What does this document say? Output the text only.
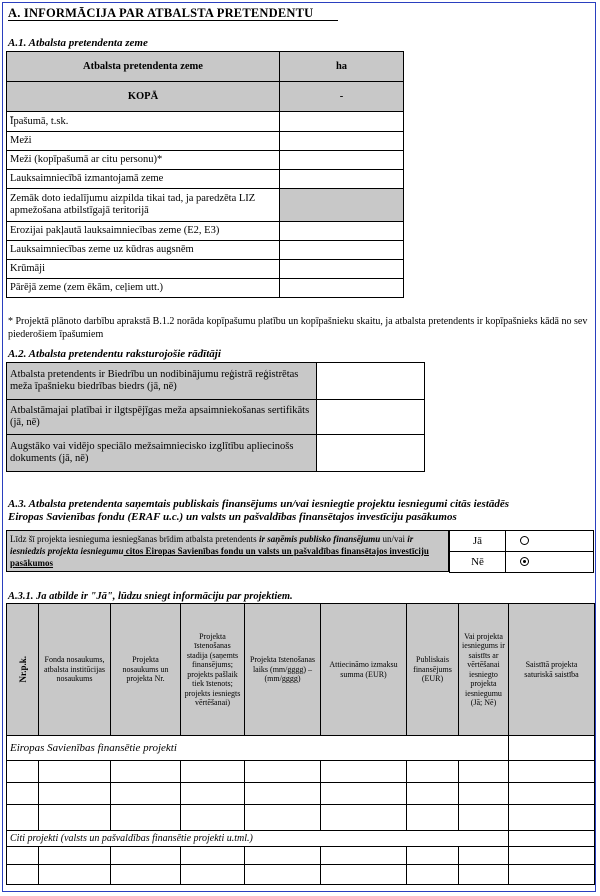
A. INFORMĀCIJA PAR ATBALSTA PRETENDENTU
A.1. Atbalsta pretendenta zeme
Atbalsta pretendenta zeme	ha
KOPĀ	-
Īpašumā, t.sk.	
Meži	
Meži (kopīpašumā ar citu personu)*	
Lauksaimniecībā izmantojamā zeme	
Zemāk doto iedalījumu aizpilda tikai tad, ja paredzēta LIZ apmežošana atbilstīgajā teritorijā	
Erozijai pakļautā lauksaimniecības zeme (E2, E3)	
Lauksaimniecības zeme uz kūdras augsnēm	
Krūmāji	
Pārējā zeme (zem ēkām, ceļiem utt.)	
* Projektā plānoto darbību aprakstā B.1.2 norāda kopīpašumu platību un kopīpašnieku skaitu, ja atbalsta pretendents ir kopīpašnieks kādā no sev piederošiem īpašumiem
A.2. Atbalsta pretendentu raksturojošie rādītāji
Atbalsta pretendents ir Biedrību un nodibinājumu reģistrā reģistrētas meža īpašnieku biedrības biedrs (jā, nē)	
Atbalstāmajai platībai ir ilgtspējīgas meža apsaimniekošanas sertifikāts (jā, nē)	
Augstāko vai vidējo speciālo mežsaimniecisko izglītību apliecinošs dokuments (jā, nē)	
A.3. Atbalsta pretendenta saņemtais publiskais finansējums un/vai iesniegtie projektu iesniegumi citās iestādēs
Eiropas Savienības fondu (ERAF u.c.) un valsts un pašvaldības finansētajos investīciju pasākumos
Līdz šī projekta iesnieguma iesniegšanas brīdim atbalsta pretendents ir saņēmis publisko finansējumu un/vai ir iesniedzis projekta iesniegumu citos Eiropas Savienības fondu un valsts un pašvaldības finansētajos investīciju pasākumos
Jā	
Nē	
A.3.1. Ja atbilde ir "Jā", lūdzu sniegt informāciju par projektiem.
Nr.p.k.	Fonda nosaukums, atbalsta institūcijas nosaukums	Projekta nosaukums un projekta Nr.	Projekta īstenošanas stadija (saņemts finansējums; projekts pašlaik tiek īstenots; projekts iesniegts vērtēšanai)	Projekta īstenošanas laiks (mm/gggg) – (mm/gggg)	Attiecināmo izmaksu summa (EUR)	Publiskais finansējums (EUR)	Vai projekta iesniegums ir saistīts ar vērtēšanai iesniegto projekta iesniegumu (Jā; Nē)	Saistītā projekta saturiskā saistība
Eiropas Savienības finansētie projekti								

Citi projekti (valsts un pašvaldības finansētie projekti u.tml.)								
